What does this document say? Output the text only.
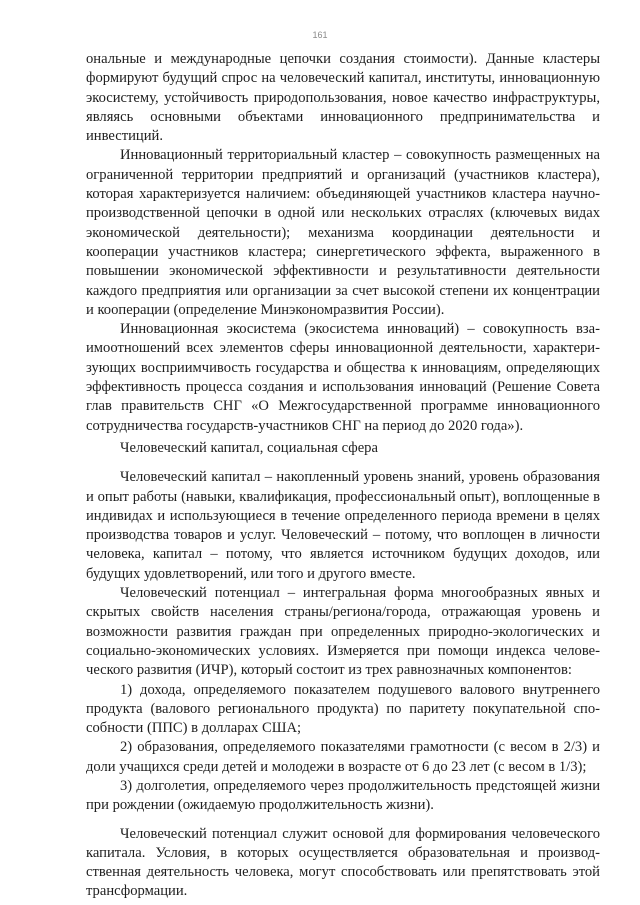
161

ональные и международные цепочки создания стоимости). Данные кластеры формируют будущий спрос на человеческий капитал, институты, инновационную экосистему, устойчивость природопользования, новое качество инфраструктуры, являясь основными объектами инновационного предпринимательства и инвестиций.

Инновационный территориальный кластер – совокупность размещенных на ограниченной территории предприятий и организаций (участников кластера), которая характеризуется наличием: объединяющей участников кластера научно-производственной цепочки в одной или нескольких отраслях (ключевых видах экономической деятельности); механизма координации деятельности и кооперации участников кластера; синергетического эффекта, выраженного в повышении экономической эффективности и результативности деятельности каждого предприятия или организации за счет высокой степени их концентрации и кооперации (определение Минэкономразвития России).

Инновационная экосистема (экосистема инноваций) – совокупность взаимоотношений всех элементов сферы инновационной деятельности, характеризующих восприимчивость государства и общества к инновациям, определяющих эффективность процесса создания и использования инноваций (Решение Совета глав правительств СНГ «О Межгосударственной программе инновaционного сотрудничества государств-участников СНГ на период до 2020 года»).

Человеческий капитал, социальная сфера

Человеческий капитал – накопленный уровень знаний, уровень образования и опыт работы (навыки, квалификация, профессиональный опыт), воплощенные в индивидах и использующиеся в течение определенного периода времени в целях производства товаров и услуг. Человеческий – потому, что воплощен в личности человека, капитал – потому, что является источником будущих доходов, или будущих удовлетворений, или того и другого вместе.

Человеческий потенциал – интегральная форма многообразных явных и скрытых свойств населения страны/региона/города, отражающая уровень и возможности развития граждан при определенных природно-экологических и социально-экономических условиях. Измеряется при помощи индекса человеческого развития (ИЧР), который состоит из трех равнозначных компонентов:

1) дохода, определяемого показателем подушевого валового внутреннего продукта (валового регионального продукта) по паритету покупательной способности (ППС) в долларах США;

2) образования, определяемого показателями грамотности (с весом в 2/3) и доли учащихся среди детей и молодежи в возрасте от 6 до 23 лет (с весом в 1/3);

3) долголетия, определяемого через продолжительность предстоящей жизни при рождении (ожидаемую продолжительность жизни).

Человеческий потенциал служит основой для формирования человеческого капитала. Условия, в которых осуществляется образовательная и производственная деятельность человека, могут способствовать или препятствовать этой трансформации.
